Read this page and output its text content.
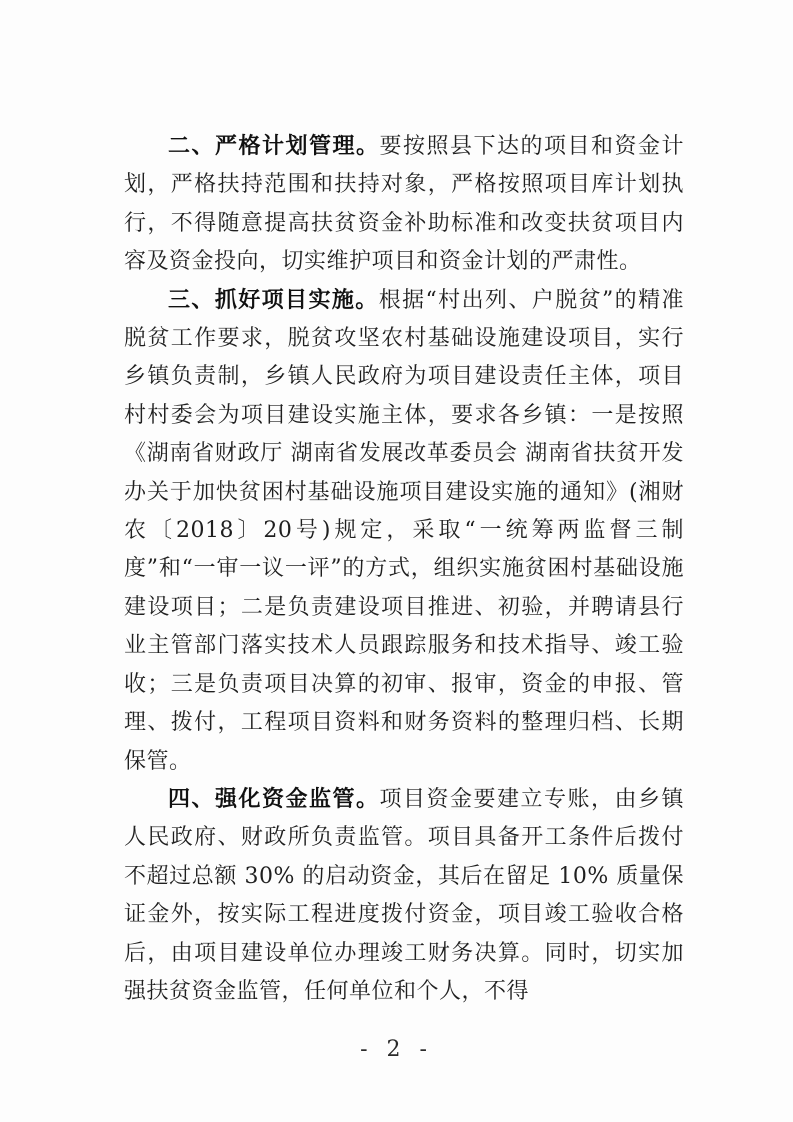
二、严格计划管理。要按照县下达的项目和资金计划，严格扶持范围和扶持对象，严格按照项目库计划执行，不得随意提高扶贫资金补助标准和改变扶贫项目内容及资金投向，切实维护项目和资金计划的严肃性。

三、抓好项目实施。根据“村出列、户脱贫”的精准脱贫工作要求，脱贫攻坚农村基础设施建设项目，实行乡镇负责制，乡镇人民政府为项目建设责任主体，项目村村委会为项目建设实施主体，要求各乡镇：一是按照《湖南省财政厅 湖南省发展改革委员会 湖南省扶贫开发办关于加快贫困村基础设施项目建设实施的通知》(湘财农〔2018〕20号)规定，采取“一统筹两监督三制度”和“一审一议一评”的方式，组织实施贫困村基础设施建设项目；二是负责建设项目推进、初验，并聘请县行业主管部门落实技术人员跟踪服务和技术指导、竣工验收；三是负责项目决算的初审、报审，资金的申报、管理、拨付，工程项目资料和财务资料的整理归档、长期保管。

四、强化资金监管。项目资金要建立专账，由乡镇人民政府、财政所负责监管。项目具备开工条件后拨付不超过总额 30% 的启动资金，其后在留足 10% 质量保证金外，按实际工程进度拨付资金，项目竣工验收合格后，由项目建设单位办理竣工财务决算。同时，切实加强扶贫资金监管，任何单位和个人，不得

- 2 -
